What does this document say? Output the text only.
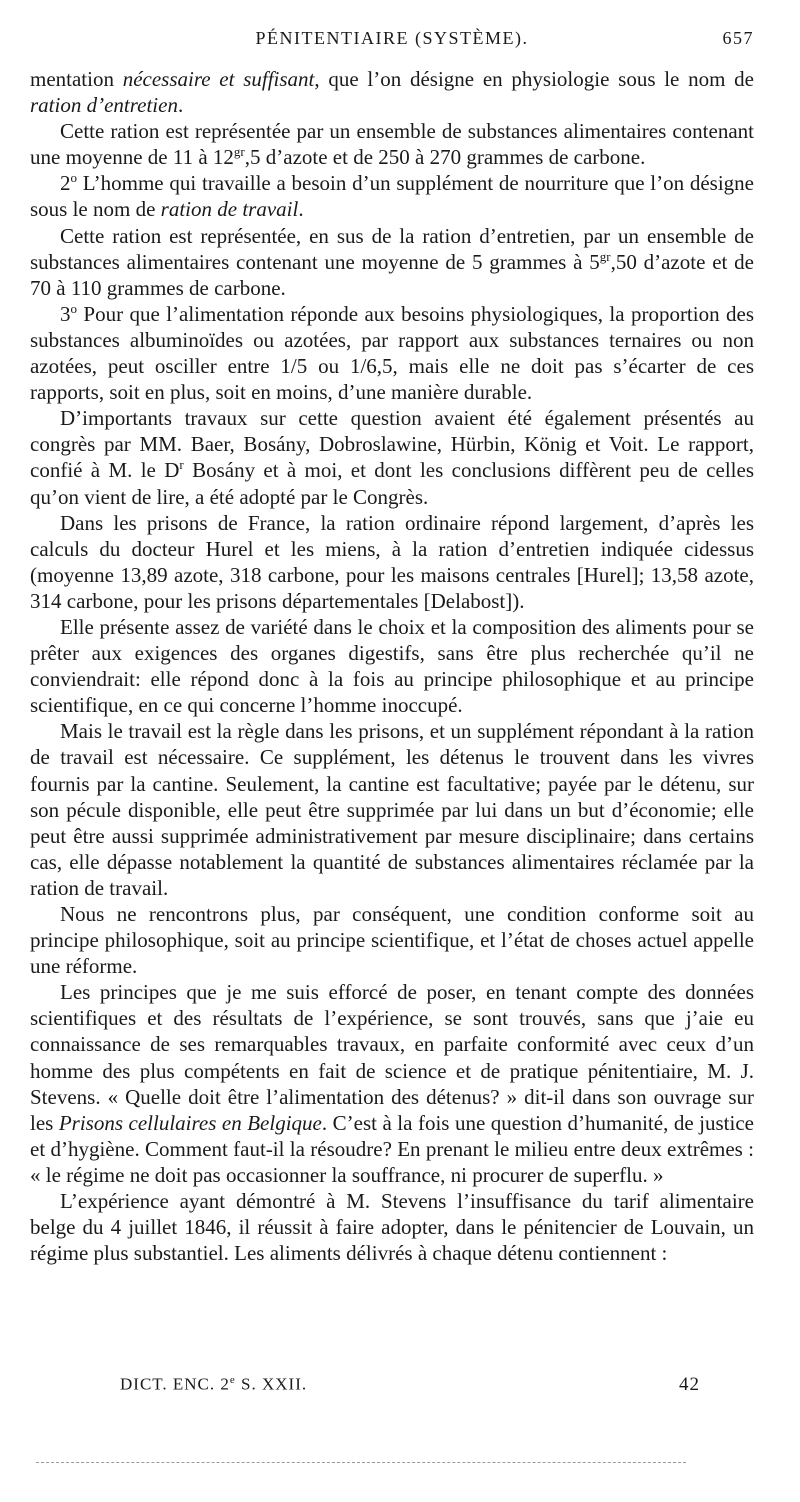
PÉNITENTIAIRE (SYSTÈME).	657

mentation nécessaire et suffisant, que l’on désigne en physiologie sous le nom de ration d’entretien.

Cette ration est représentée par un ensemble de substances alimentaires contenant une moyenne de 11 à $12^{gr},5$ d’azote et de 250 à 270 grammes de carbone.

2$^o$ L’homme qui travaille a besoin d’un supplément de nourriture que l’on désigne sous le nom de ration de travail.

Cette ration est représentée, en sus de la ration d’entretien, par un ensemble de substances alimentaires contenant une moyenne de 5 grammes à $5^{gr},50$ d’azote et de 70 à 110 grammes de carbone.

3$^o$ Pour que l’alimentation réponde aux besoins physiologiques, la proportion des substances albuminoïdes ou azotées, par rapport aux substances ternaires ou non azotées, peut osciller entre 1/5 ou 1/6,5, mais elle ne doit pas s’écarter de ces rapports, soit en plus, soit en moins, d’une manière durable.

D’importants travaux sur cette question avaient été également présentés au congrès par MM. Baer, Bosány, Dobroslawine, Hürbin, König et Voit. Le rapport, confié à M. le $D^r$ Bosány et à moi, et dont les conclusions diffèrent peu de celles qu’on vient de lire, a été adopté par le Congrès.

Dans les prisons de France, la ration ordinaire répond largement, d’après les calculs du docteur Hurel et les miens, à la ration d’entretien indiquée cidessus (moyenne 13,89 azote, 318 carbone, pour les maisons centrales [Hurel]; 13,58 azote, 314 carbone, pour les prisons départementales [Delabost]).

Elle présente assez de variété dans le choix et la composition des aliments pour se prêter aux exigences des organes digestifs, sans être plus recherchée qu’il ne conviendrait: elle répond donc à la fois au principe philosophique et au principe scientifique, en ce qui concerne l’homme inoccupé.

Mais le travail est la règle dans les prisons, et un supplément répondant à la ration de travail est nécessaire. Ce supplément, les détenus le trouvent dans les vivres fournis par la cantine. Seulement, la cantine est facultative; payée par le détenu, sur son pécule disponible, elle peut être supprimée par lui dans un but d’économie; elle peut être aussi supprimée administrativement par mesure disciplinaire; dans certains cas, elle dépasse notablement la quantité de substances alimentaires réclamée par la ration de travail.

Nous ne rencontrons plus, par conséquent, une condition conforme soit au principe philosophique, soit au principe scientifique, et l’état de choses actuel appelle une réforme.

Les principes que je me suis efforcé de poser, en tenant compte des données scientifiques et des résultats de l’expérience, se sont trouvés, sans que j’aie eu connaissance de ses remarquables travaux, en parfaite conformité avec ceux d’un homme des plus compétents en fait de science et de pratique pénitentiaire, M. J. Stevens. « Quelle doit être l’alimentation des détenus? » dit-il dans son ouvrage sur les Prisons cellulaires en Belgique. C’est à la fois une question d’humanité, de justice et d’hygiène. Comment faut-il la résoudre? En prenant le milieu entre deux extrêmes : « le régime ne doit pas occasionner la souffrance, ni procurer de superflu. »

L’expérience ayant démontré à M. Stevens l’insuffisance du tarif alimentaire belge du 4 juillet 1846, il réussit à faire adopter, dans le pénitencier de Louvain, un régime plus substantiel. Les aliments délivrés à chaque détenu contiennent :

DICT. ENC. 2e S. XXII.	42
